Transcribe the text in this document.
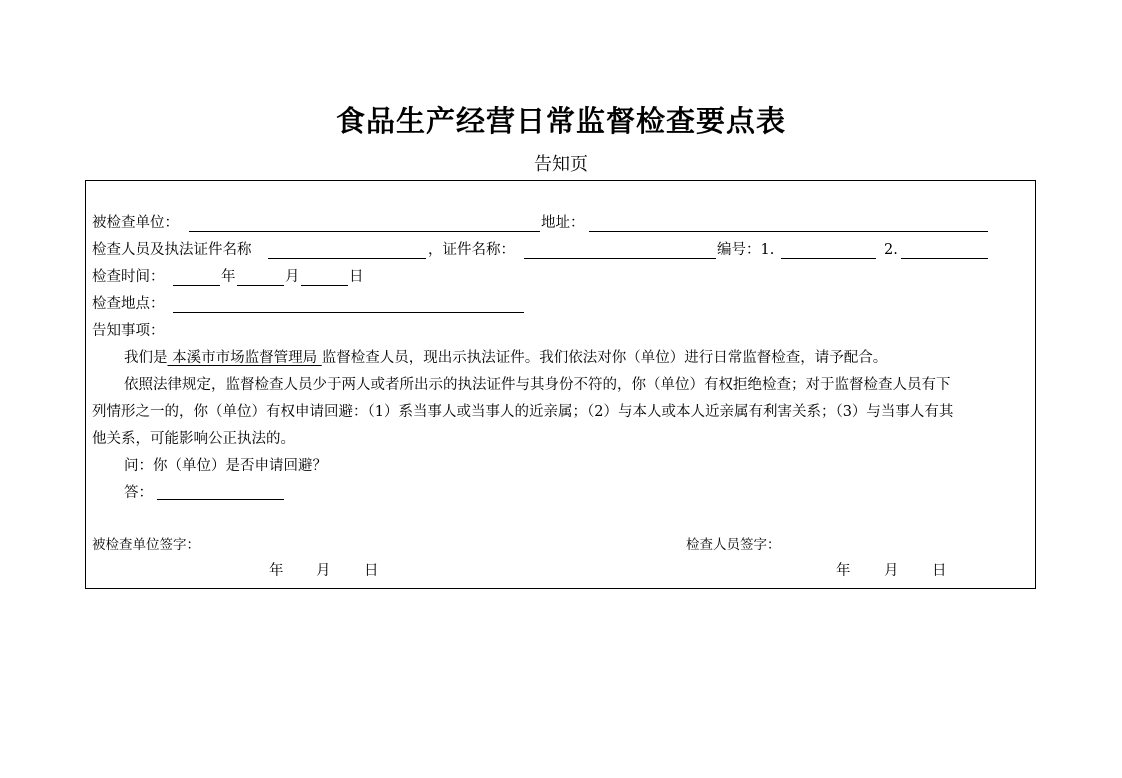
食品生产经营日常监督检查要点表
告知页
被检查单位：	地址：
检查人员及执法证件名称	，证件名称：	编号：1.	2.
检查时间：	年	月	日
检查地点：
告知事项：
我们是 本溪市市场监督管理局 监督检查人员，现出示执法证件。我们依法对你（单位）进行日常监督检查，请予配合。
依照法律规定，监督检查人员少于两人或者所出示的执法证件与其身份不符的，你（单位）有权拒绝检查；对于监督检查人员有下
列情形之一的，你（单位）有权申请回避：（1）系当事人或当事人的近亲属；（2）与本人或本人近亲属有利害关系；（3）与当事人有其
他关系，可能影响公正执法的。
问：你（单位）是否申请回避？
答：
被检查单位签字：	检查人员签字：
年 月 日	年 月 日
